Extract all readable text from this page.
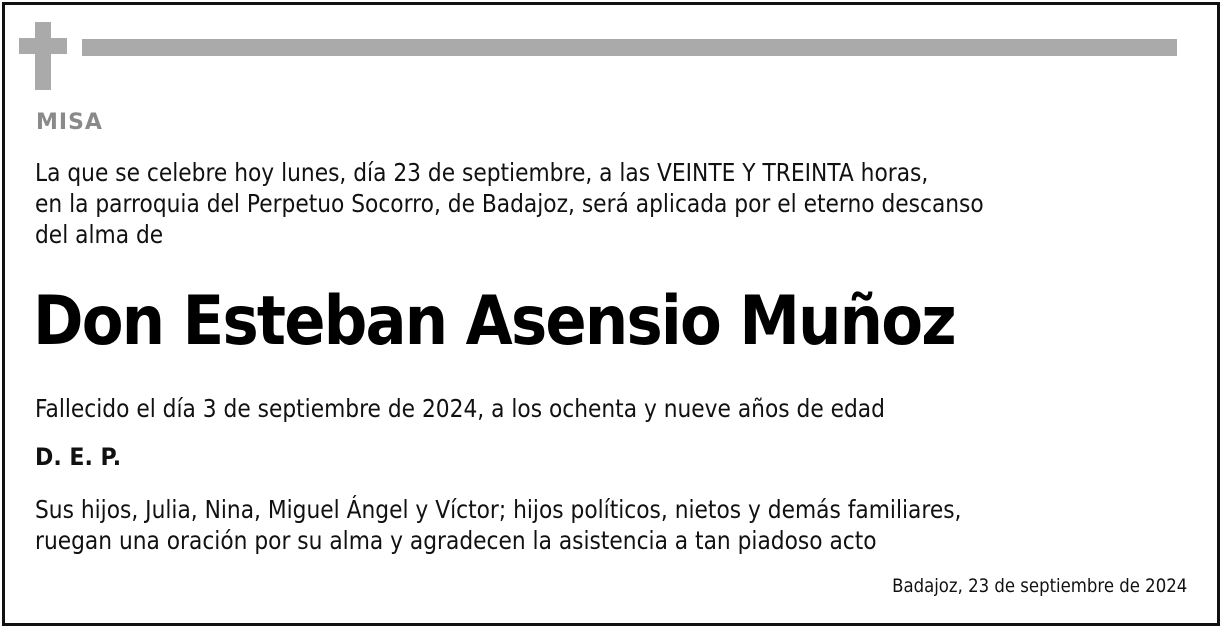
MISA
La que se celebre hoy lunes, día 23 de septiembre, a las VEINTE Y TREINTA horas,
en la parroquia del Perpetuo Socorro, de Badajoz, será aplicada por el eterno descanso
del alma de
Don Esteban Asensio Muñoz
Fallecido el día 3 de septiembre de 2024, a los ochenta y nueve años de edad
D. E. P.
Sus hijos, Julia, Nina, Miguel Ángel y Víctor; hijos políticos, nietos y demás familiares,
ruegan una oración por su alma y agradecen la asistencia a tan piadoso acto
Badajoz, 23 de septiembre de 2024
